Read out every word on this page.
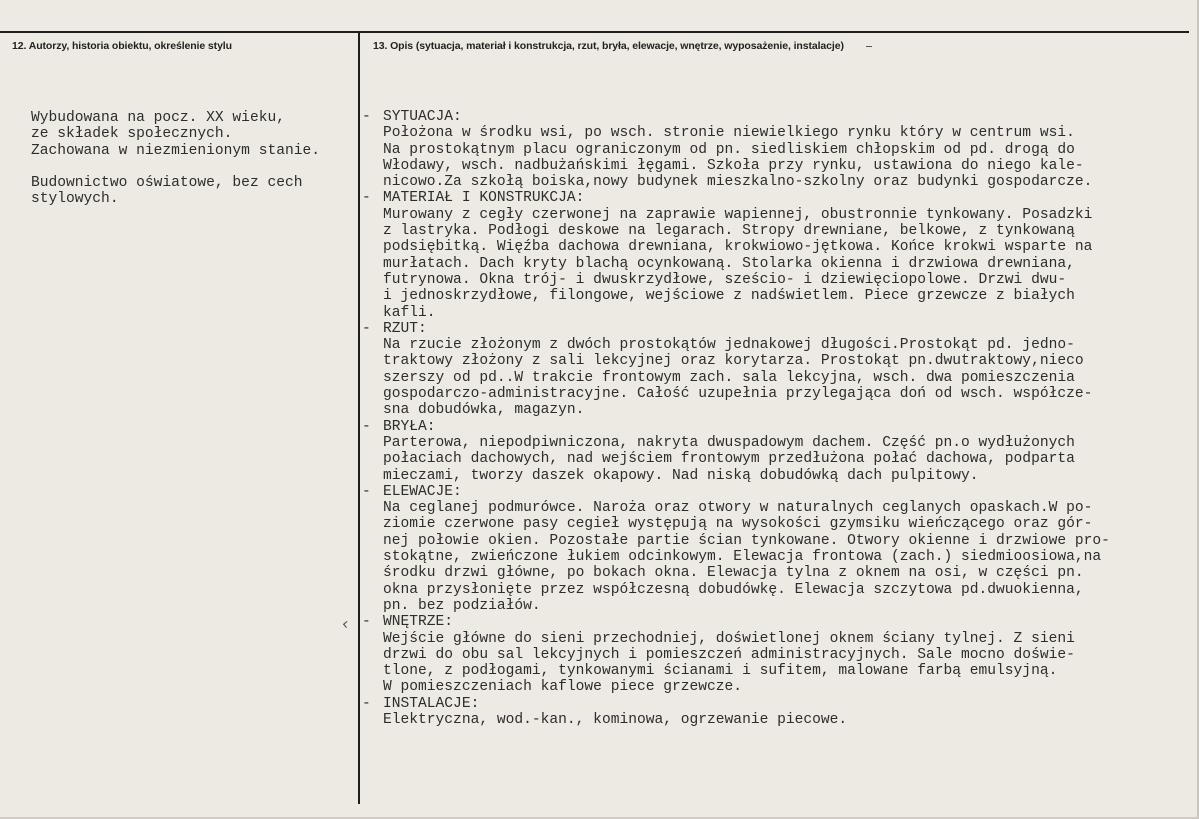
12. Autorzy, historia obiektu, określenie stylu	13. Opis (sytuacja, materiał i konstrukcja, rzut, bryła, elewacje, wnętrze, wyposażenie, instalacje)
Wybudowana na pocz. XX wieku,
ze składek społecznych.
Zachowana w niezmienionym stanie.
Budownictwo oświatowe, bez cech
stylowych.
- SYTUACJA:
Położona w środku wsi, po wsch. stronie niewielkiego rynku który w centrum wsi.
Na prostokątnym placu ograniczonym od pn. siedliskiem chłopskim od pd. drogą do
Włodawy, wsch. nadbużańskimi łęgami. Szkoła przy rynku, ustawiona do niego kale-
nicowo.Za szkołą boiska,nowy budynek mieszkalno-szkolny oraz budynki gospodarcze.
- MATERIAŁ I KONSTRUKCJA:
Murowany z cegły czerwonej na zaprawie wapiennej, obustronnie tynkowany. Posadzki
z lastryka. Podłogi deskowe na legarach. Stropy drewniane, belkowe, z tynkowaną
podsiębitką. Więźba dachowa drewniana, krokwiowo-jętkowa. Końce krokwi wsparte na
murłatach. Dach kryty blachą ocynkowaną. Stolarka okienna i drzwiowa drewniana,
futrynowa. Okna trój- i dwuskrzydłowe, sześcio- i dziewięciopolowe. Drzwi dwu-
i jednoskrzydłowe, filongowe, wejściowe z nadświetlem. Piece grzewcze z białych
kafli.
- RZUT:
Na rzucie złożonym z dwóch prostokątów jednakowej długości.Prostokąt pd. jedno-
traktowy złożony z sali lekcyjnej oraz korytarza. Prostokąt pn.dwutraktowy,nieco
szerszy od pd..W trakcie frontowym zach. sala lekcyjna, wsch. dwa pomieszczenia
gospodarczo-administracyjne. Całość uzupełnia przylegająca doń od wsch. współcze-
sna dobudówka, magazyn.
- BRYŁA:
Parterowa, niepodpiwniczona, nakryta dwuspadowym dachem. Część pn.o wydłużonych
połaciach dachowych, nad wejściem frontowym przedłużona połać dachowa, podparta
mieczami, tworzy daszek okapowy. Nad niską dobudówką dach pulpitowy.
- ELEWACJE:
Na ceglanej podmurówce. Naroża oraz otwory w naturalnych ceglanych opaskach.W po-
ziomie czerwone pasy cegieł występują na wysokości gzymsiku wieńczącego oraz gór-
nej połowie okien. Pozostałe partie ścian tynkowane. Otwory okienne i drzwiowe pro-
stokątne, zwieńczone łukiem odcinkowym. Elewacja frontowa (zach.) siedmioosiowa,na
środku drzwi główne, po bokach okna. Elewacja tylna z oknem na osi, w części pn.
okna przysłonięte przez współczesną dobudówkę. Elewacja szczytowa pd.dwuokienna,
pn. bez podziałów.
- WNĘTRZE:
Wejście główne do sieni przechodniej, doświetlonej oknem ściany tylnej. Z sieni
drzwi do obu sal lekcyjnych i pomieszczeń administracyjnych. Sale mocno doświe-
tlone, z podłogami, tynkowanymi ścianami i sufitem, malowane farbą emulsyjną.
W pomieszczeniach kaflowe piece grzewcze.
- INSTALACJE:
Elektryczna, wod.-kan., kominowa, ogrzewanie piecowe.
